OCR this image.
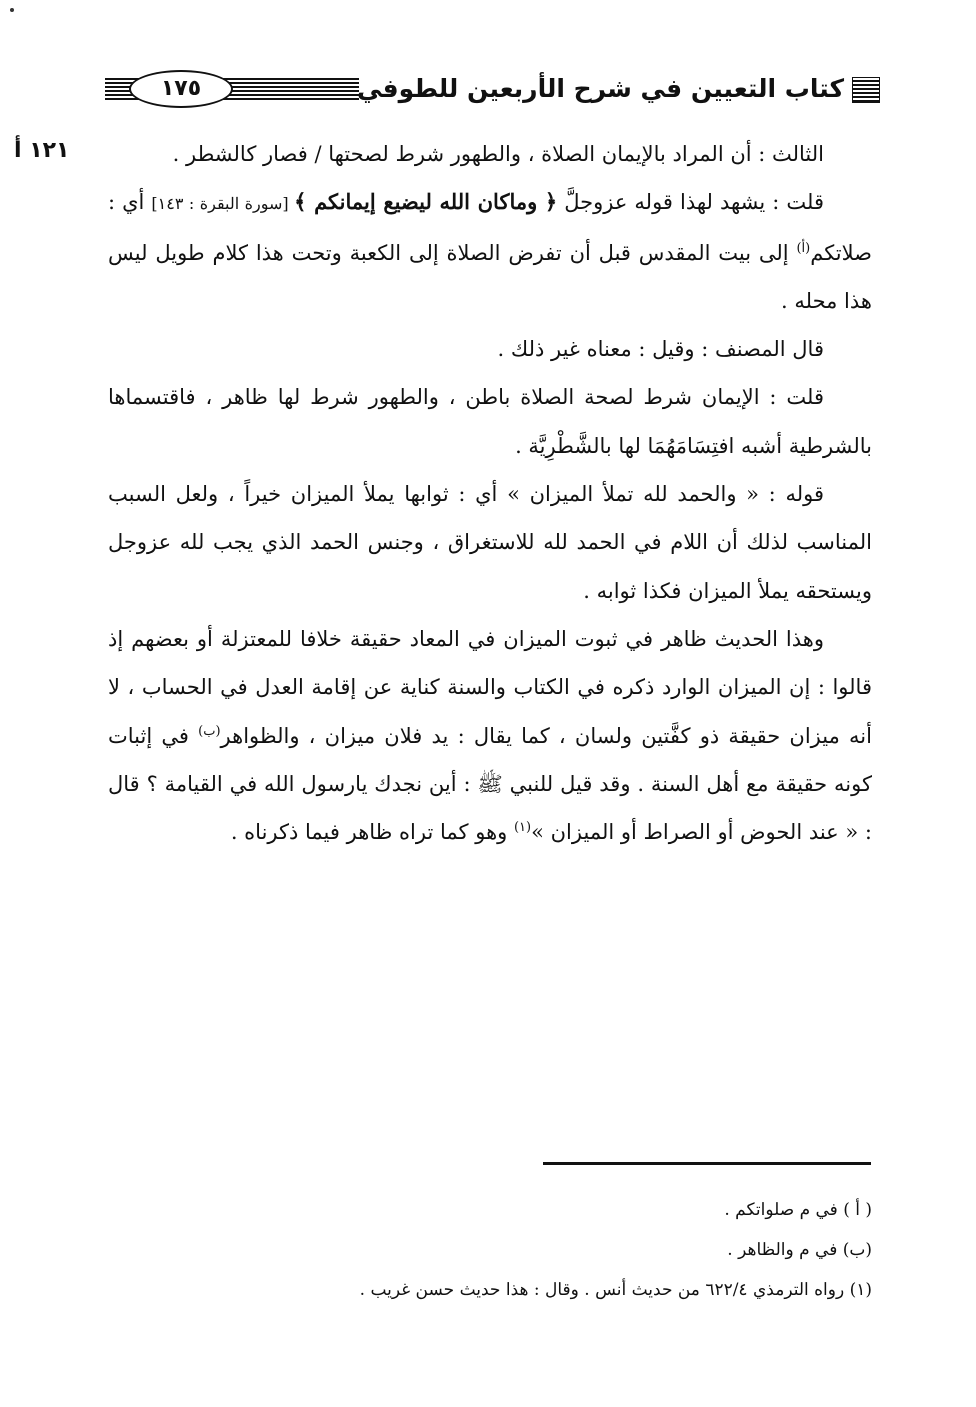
١٧٥	كتاب التعيين في شرح الأربعين للطوفي
١٢١ أ	الثالث : أن المراد بالإيمان الصلاة ، والطهور شرط لصحتها / فصار كالشطر .

قلت : يشهد لهذا قوله عزوجلَّ ﴿ وماكان الله ليضيع إيمانكم ﴾ [سورة البقرة : ١٤٣] أي : صلاتكم$^{(أ)}$ إلى بيت المقدس قبل أن تفرض الصلاة إلى الكعبة وتحت هذا كلام طويل ليس هذا محله .

قال المصنف : وقيل : معناه غير ذلك .

قلت : الإيمان شرط لصحة الصلاة باطن ، والطهور شرط لها ظاهر ، فاقتسماها بالشرطية أشبه افتِسَامَهُمَا لها بالشَّطْرِيَّة .

قوله : « والحمد لله تملأ الميزان » أي : ثوابها يملأ الميزان خيراً ، ولعل السبب المناسب لذلك أن اللام في الحمد لله للاستغراق ، وجنس الحمد الذي يجب لله عزوجل ويستحقه يملأ الميزان فكذا ثوابه .

وهذا الحديث ظاهر في ثبوت الميزان في المعاد حقيقة خلافا للمعتزلة أو بعضهم إذ قالوا : إن الميزان الوارد ذكره في الكتاب والسنة كناية عن إقامة العدل في الحساب ، لا أنه ميزان حقيقة ذو كفَّتين ولسان ، كما يقال : يد فلان ميزان ، والظواهر$^{(ب)}$ في إثبات كونه حقيقة مع أهل السنة . وقد قيل للنبي ﷺ : أين نجدك يارسول الله في القيامة ؟ قال : « عند الحوض أو الصراط أو الميزان »$^{(١)}$ وهو كما تراه ظاهر فيما ذكرناه .

( أ ) في م صلواتكم .

(ب) في م والظاهر .

(١) رواه الترمذي ٦٢٢/٤ من حديث أنس . وقال : هذا حديث حسن غريب .
